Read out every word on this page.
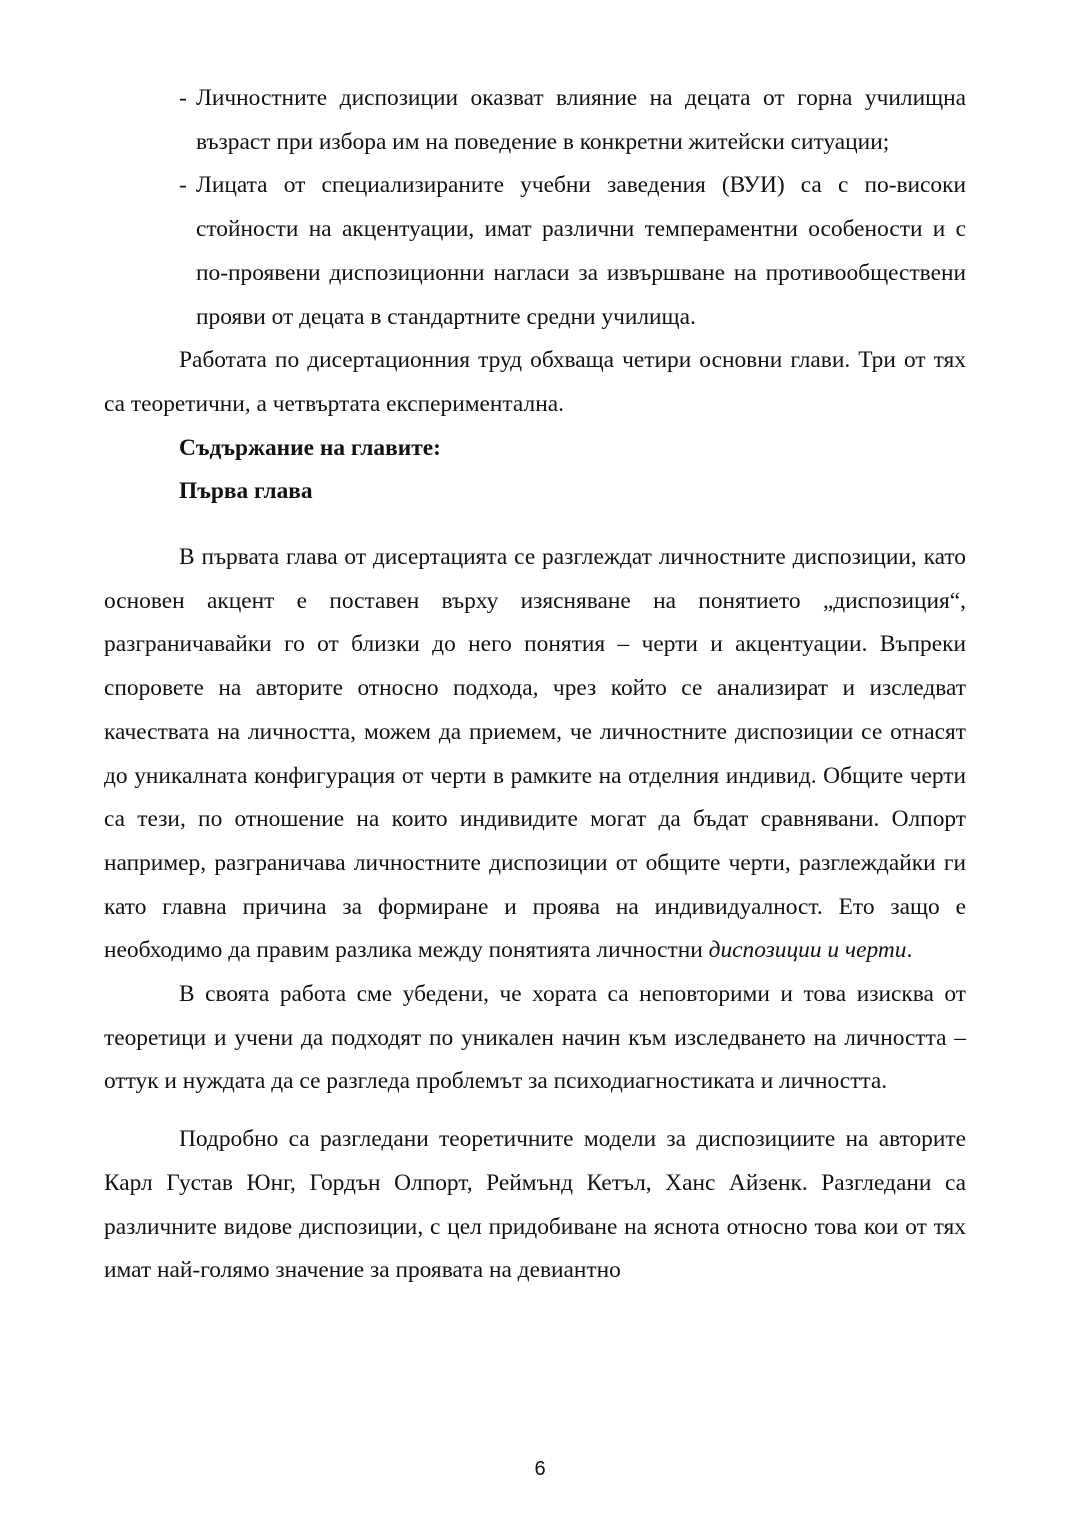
- Личностните диспозиции оказват влияние на децата от горна училищна възраст при избора им на поведение в конкретни житейски ситуации;
- Лицата от специализираните учебни заведения (ВУИ) са с по-високи стойности на акцентуации, имат различни темпераментни особености и с по-проявени диспозиционни нагласи за извършване на противообществени прояви от децата в стандартните средни училища.

Работата по дисертационния труд обхваща четири основни глави. Три от тях са теоретични, а четвъртата експериментална.

Съдържание на главите:

Първа глава

В първата глава от дисертацията се разглеждат личностните диспозиции, като основен акцент е поставен върху изясняване на понятието „диспозиция“, разграничавайки го от близки до него понятия – черти и акцентуации. Въпреки споровете на авторите относно подхода, чрез който се анализират и изследват качествата на личността, можем да приемем, че личностните диспозиции се отнасят до уникалната конфигурация от черти в рамките на отделния индивид. Общите черти са тези, по отношение на които индивидите могат да бъдат сравнявани. Олпорт например, разграничава личностните диспозиции от общите черти, разглеждайки ги като главна причина за формиране и проява на индивидуалност. Ето защо е необходимо да правим разлика между понятията личностни диспозиции и черти.

В своята работа сме убедени, че хората са неповторими и това изисква от теоретици и учени да подходят по уникален начин към изследването на личността – оттук и нуждата да се разгледа проблемът за психодиагностиката и личността.

Подробно са разгледани теоретичните модели за диспозициите на авторите Карл Густав Юнг, Гордън Олпорт, Реймънд Кетъл, Ханс Айзенк. Разгледани са различните видове диспозиции, с цел придобиване на яснота относно това кои от тях имат най-голямо значение за проявата на девиантно

6
